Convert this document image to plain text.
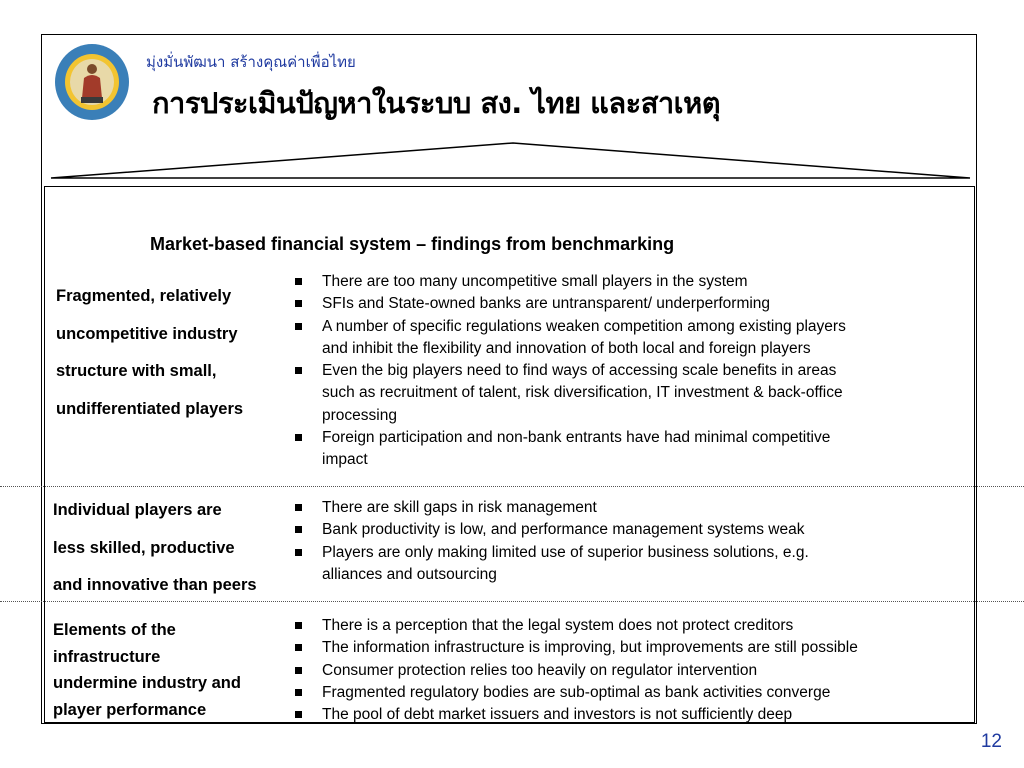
มุ่งมั่นพัฒนา สร้างคุณค่าเพื่อไทย
การประเมินปัญหาในระบบ สง. ไทย และสาเหตุ
Market-based financial system – findings from benchmarking
Fragmented, relatively
uncompetitive industry
structure with small,
undifferentiated players
There are too many uncompetitive small players in the system
SFIs and State-owned banks are untransparent/ underperforming
A number of specific regulations weaken competition among existing players
and inhibit the flexibility and innovation of both local and foreign players
Even the big players need to find ways of accessing scale benefits in areas
such as recruitment of talent, risk diversification, IT investment & back-office
processing
Foreign participation and non-bank entrants have had minimal competitive
impact
Individual players are
less skilled, productive
and innovative than peers
There are skill gaps in risk management
Bank productivity is low, and performance management systems weak
Players are only making limited use of superior business solutions, e.g.
alliances and outsourcing
Elements of the
infrastructure
undermine industry and
player performance
There is a perception that the legal system does not protect creditors
The information infrastructure is improving, but improvements are still possible
Consumer protection relies too heavily on regulator intervention
Fragmented regulatory bodies are sub-optimal as bank activities converge
The pool of debt market issuers and investors is not sufficiently deep
12
